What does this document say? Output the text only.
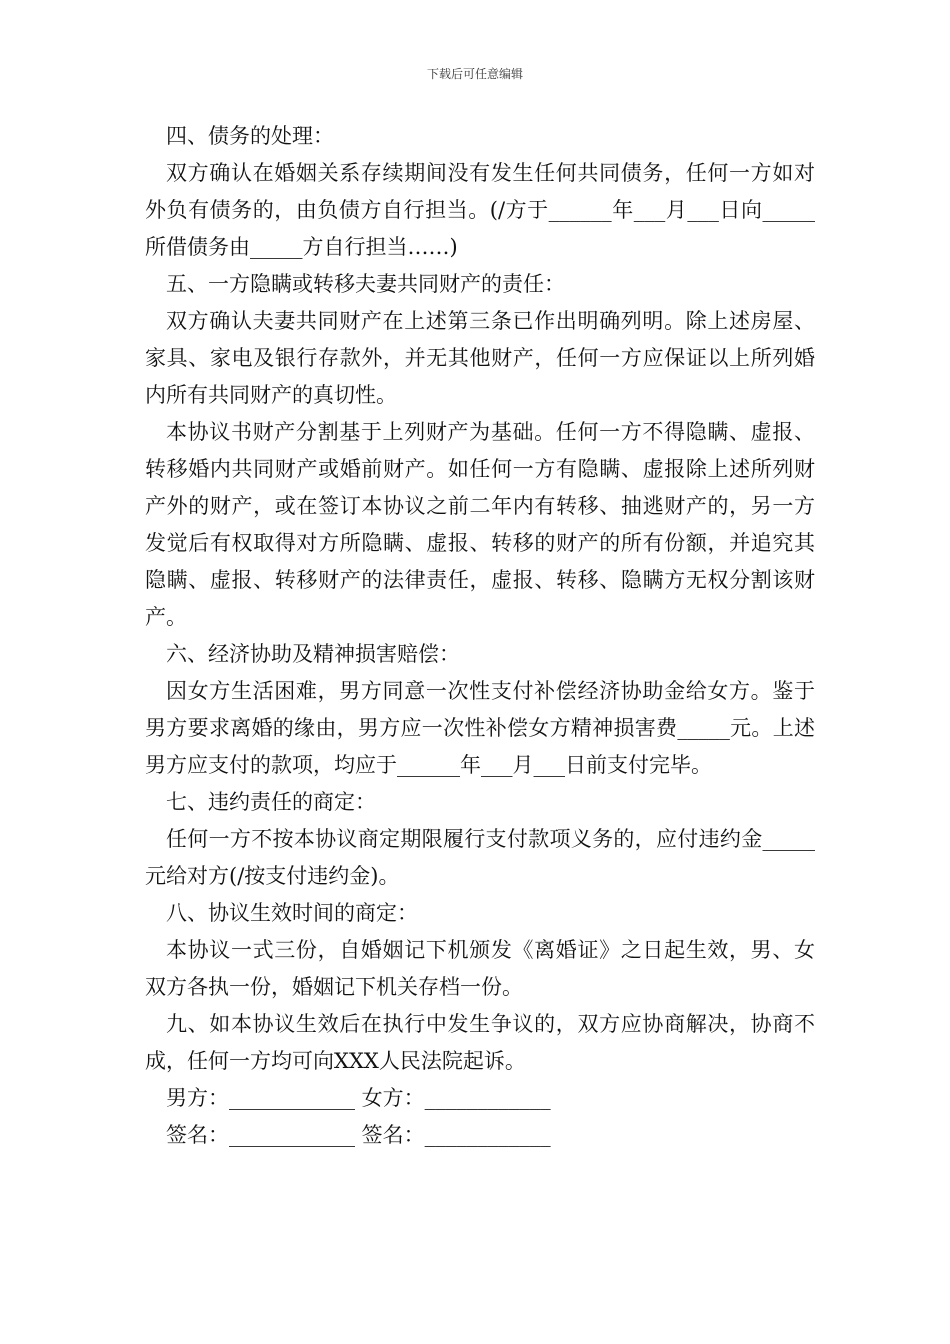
下载后可任意编辑

四、债务的处理：

双方确认在婚姻关系存续期间没有发生任何共同债务，任何一方如对外负有债务的，由负债方自行担当。(/方于______年___月___日向_____所借债务由_____方自行担当……)

五、一方隐瞒或转移夫妻共同财产的责任：

双方确认夫妻共同财产在上述第三条已作出明确列明。除上述房屋、家具、家电及银行存款外，并无其他财产，任何一方应保证以上所列婚内所有共同财产的真切性。

本协议书财产分割基于上列财产为基础。任何一方不得隐瞒、虚报、转移婚内共同财产或婚前财产。如任何一方有隐瞒、虚报除上述所列财产外的财产，或在签订本协议之前二年内有转移、抽逃财产的，另一方发觉后有权取得对方所隐瞒、虚报、转移的财产的所有份额，并追究其隐瞒、虚报、转移财产的法律责任，虚报、转移、隐瞒方无权分割该财产。

六、经济协助及精神损害赔偿：

因女方生活困难，男方同意一次性支付补偿经济协助金给女方。鉴于男方要求离婚的缘由，男方应一次性补偿女方精神损害费_____元。上述男方应支付的款项，均应于______年___月___日前支付完毕。

七、违约责任的商定：

任何一方不按本协议商定期限履行支付款项义务的，应付违约金_____元给对方(/按支付违约金)。

八、协议生效时间的商定：

本协议一式三份，自婚姻记下机颁发《离婚证》之日起生效，男、女双方各执一份，婚姻记下机关存档一份。

九、如本协议生效后在执行中发生争议的，双方应协商解决，协商不成，任何一方均可向XXX人民法院起诉。

男方：____________ 女方：____________

签名：____________ 签名：____________
